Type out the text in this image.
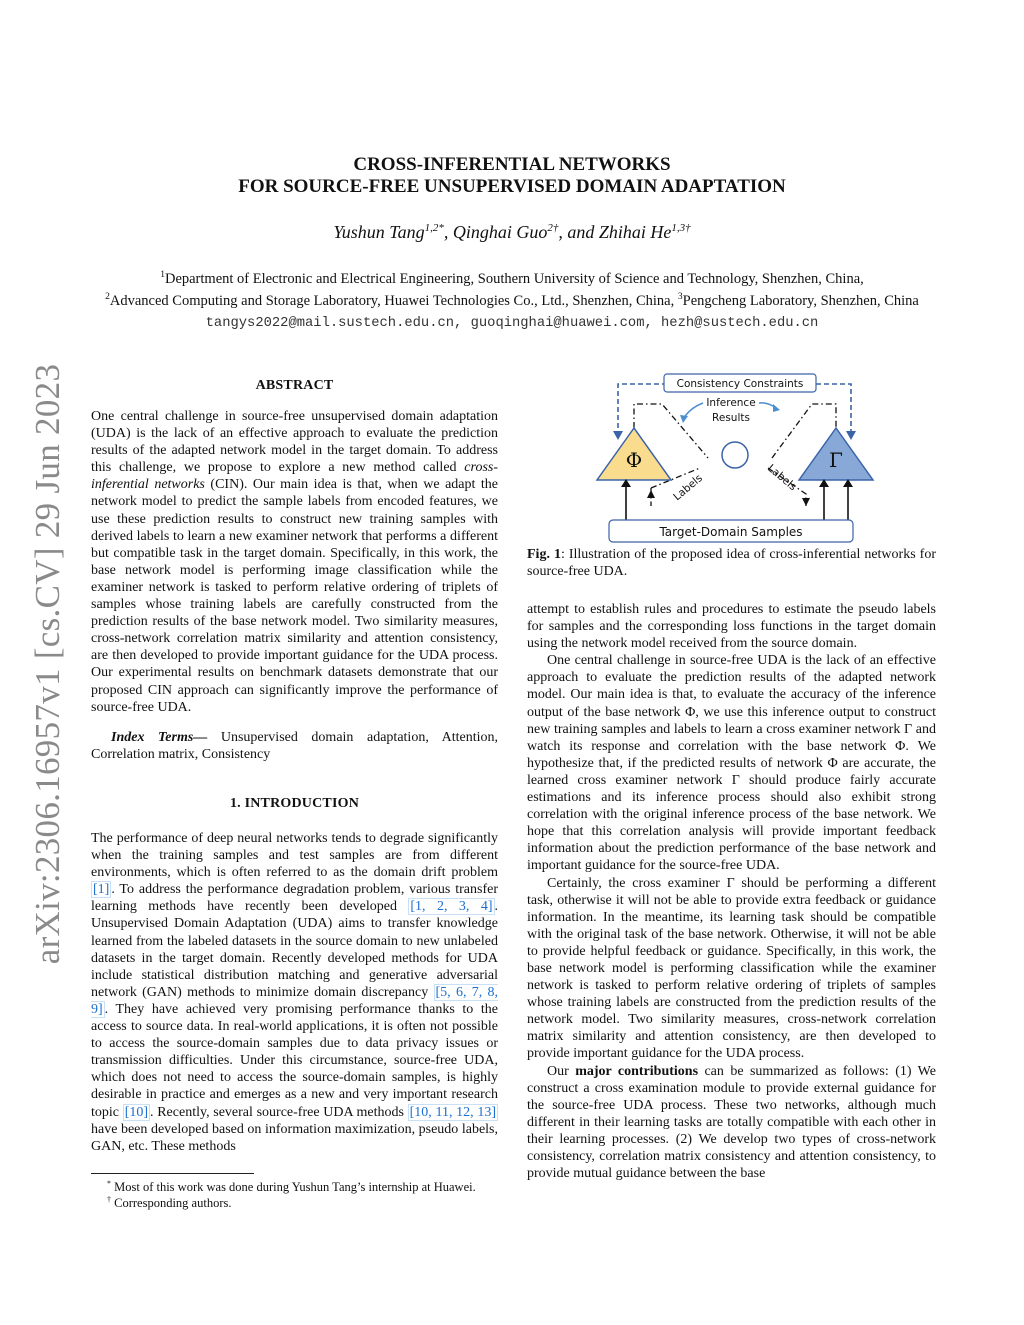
arXiv:2306.16957v1 [cs.CV] 29 Jun 2023
CROSS-INFERENTIAL NETWORKS
FOR SOURCE-FREE UNSUPERVISED DOMAIN ADAPTATION
Yushun Tang$^{1,2*}$, Qinghai Guo$^{2\dagger}$, and Zhihai $He^{1,3\dagger}$
$^1$Department of Electronic and Electrical Engineering, Southern University of Science and Technology, Shenzhen, China,
$^2$Advanced Computing and Storage Laboratory, Huawei Technologies Co., Ltd., Shenzhen, China, $^3$Pengcheng Laboratory, Shenzhen, China
tangys2022@mail.sustech.edu.cn, guoqinghai@huawei.com, hezh@sustech.edu.cn
ABSTRACT

One central challenge in source-free unsupervised domain adaptation (UDA) is the lack of an effective approach to evaluate the prediction results of the adapted network model in the target domain. To address this challenge, we propose to explore a new method called cross-inferential networks (CIN). Our main idea is that, when we adapt the network model to predict the sample labels from encoded features, we use these prediction results to construct new training samples with derived labels to learn a new examiner network that performs a different but compatible task in the target domain. Specifically, in this work, the base network model is performing image classification while the examiner network is tasked to perform relative ordering of triplets of samples whose training labels are carefully constructed from the prediction results of the base network model. Two similarity measures, cross-network correlation matrix similarity and attention consistency, are then developed to provide important guidance for the UDA process. Our experimental results on benchmark datasets demonstrate that our proposed CIN approach can significantly improve the performance of source-free UDA.

Index Terms— Unsupervised domain adaptation, Attention, Correlation matrix, Consistency

1. INTRODUCTION

The performance of deep neural networks tends to degrade significantly when the training samples and test samples are from different environments, which is often referred to as the domain drift problem [1] . To address the performance degradation problem, various transfer learning methods have recently been developed [1, 2, 3, 4] . Unsupervised Domain Adaptation (UDA) aims to transfer knowledge learned from the labeled datasets in the source domain to new unlabeled datasets in the target domain. Recently developed methods for UDA include statistical distribution matching and generative adversarial network (GAN) methods to minimize domain discrepancy [5, 6, 7, 8, 9] . They have achieved very promising performance thanks to the access to source data. In real-world applications, it is often not possible to access the source-domain samples due to data privacy issues or transmission difficulties. Under this circumstance, source-free UDA, which does not need to access the source-domain samples, is highly desirable in practice and emerges as a new and very important research topic [10] . Recently, several source-free UDA methods [10, 11, 12, 13] have been developed based on information maximization, pseudo labels, GAN, etc. These methods

* Most of this work was done during Yushun Tang’s internship at Huawei.
† Corresponding authors.
Consistency Constraints
Inference
Results
Φ	Γ
Labels	Labels
Target-Domain Samples
Fig. 1: Illustration of the proposed idea of cross-inferential networks for source-free UDA.

attempt to establish rules and procedures to estimate the pseudo labels for samples and the corresponding loss functions in the target domain using the network model received from the source domain.

One central challenge in source-free UDA is the lack of an effective approach to evaluate the prediction results of the adapted network model. Our main idea is that, to evaluate the accuracy of the inference output of the base network Φ, we use this inference output to construct new training samples and labels to learn a cross examiner network Γ and watch its response and correlation with the base network Φ. We hypothesize that, if the predicted results of network Φ are accurate, the learned cross examiner network Γ should produce fairly accurate estimations and its inference process should also exhibit strong correlation with the original inference process of the base network. We hope that this correlation analysis will provide important feedback information about the prediction performance of the base network and important guidance for the source-free UDA.

Certainly, the cross examiner Γ should be performing a different task, otherwise it will not be able to provide extra feedback or guidance information. In the meantime, its learning task should be compatible with the original task of the base network. Otherwise, it will not be able to provide helpful feedback or guidance. Specifically, in this work, the base network model is performing classification while the examiner network is tasked to perform relative ordering of triplets of samples whose training labels are constructed from the prediction results of the network model. Two similarity measures, cross-network correlation matrix similarity and attention consistency, are then developed to provide important guidance for the UDA process.

Our major contributions can be summarized as follows: (1) We construct a cross examination module to provide external guidance for the source-free UDA process. These two networks, although much different in their learning tasks are totally compatible with each other in their learning processes. (2) We develop two types of cross-network consistency, correlation matrix consistency and attention consistency, to provide mutual guidance between the base
